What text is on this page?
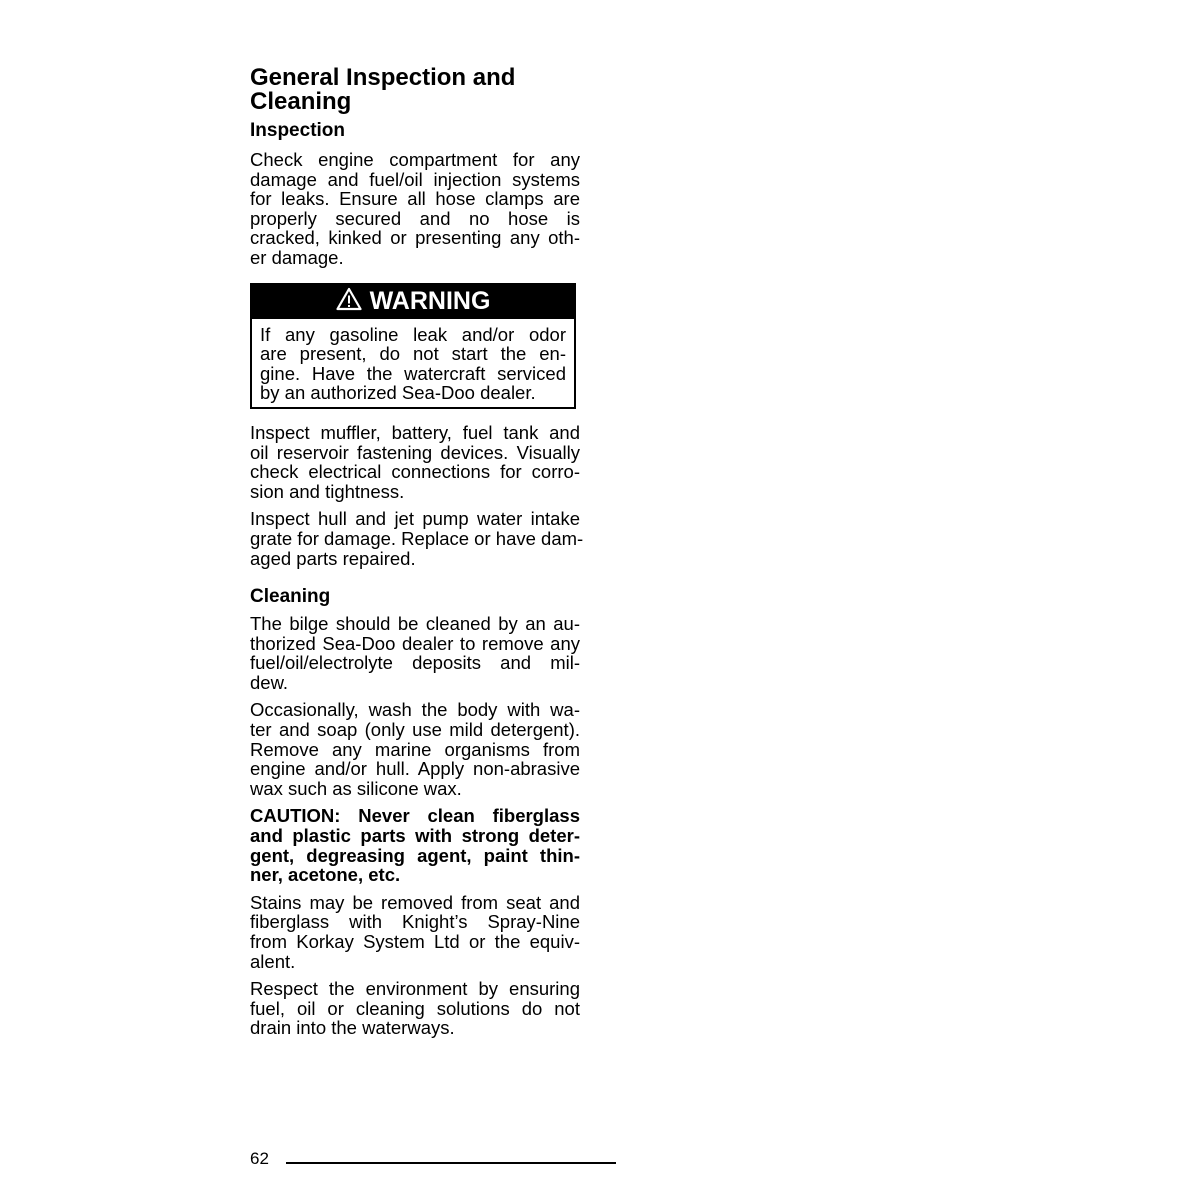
General Inspection and
Cleaning
Inspection

Check engine compartment for any
damage and fuel/oil injection systems
for leaks. Ensure all hose clamps are
properly secured and no hose is
cracked, kinked or presenting any oth-
er damage.

WARNING
If any gasoline leak and/or odor
are present, do not start the en-
gine. Have the watercraft serviced
by an authorized Sea-Doo dealer.

Inspect muffler, battery, fuel tank and
oil reservoir fastening devices. Visually
check electrical connections for corro-
sion and tightness.

Inspect hull and jet pump water intake
grate for damage. Replace or have dam-
aged parts repaired.

Cleaning

The bilge should be cleaned by an au-
thorized Sea-Doo dealer to remove any
fuel/oil/electrolyte deposits and mil-
dew.

Occasionally, wash the body with wa-
ter and soap (only use mild detergent).
Remove any marine organisms from
engine and/or hull. Apply non-abrasive
wax such as silicone wax.

CAUTION: Never clean fiberglass
and plastic parts with strong deter-
gent, degreasing agent, paint thin-
ner, acetone, etc.

Stains may be removed from seat and
fiberglass with Knight’s Spray-Nine
from Korkay System Ltd or the equiv-
alent.

Respect the environment by ensuring
fuel, oil or cleaning solutions do not
drain into the waterways.

62
